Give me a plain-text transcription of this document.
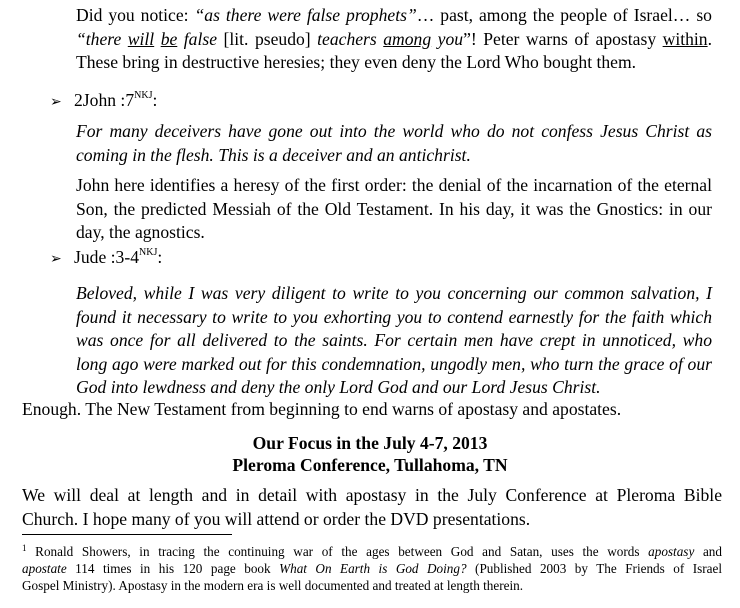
Did you notice: “as there were false prophets”… past, among the people of Israel… so
“there will be false [lit. pseudo] teachers among you”! Peter warns of apostasy within.
These bring in destructive heresies; they even deny the Lord Who bought them.
➢ 2John $:7^{NKJ}$:
For many deceivers have gone out into the world who do not confess Jesus Christ as
coming in the flesh. This is a deceiver and an antichrist.
John here identifies a heresy of the first order: the denial of the incarnation of the eternal
Son, the predicted Messiah of the Old Testament. In his day, it was the Gnostics: in our
day, the agnostics.
➢ Jude $:3-4^{NKJ}$:
Beloved, while I was very diligent to write to you concerning our common salvation, I
found it necessary to write to you exhorting you to contend earnestly for the faith which
was once for all delivered to the saints. For certain men have crept in unnoticed, who
long ago were marked out for this condemnation, ungodly men, who turn the grace of our
God into lewdness and deny the only Lord God and our Lord Jesus Christ.
Enough. The New Testament from beginning to end warns of apostasy and apostates.
Our Focus in the July 4-7, 2013
Pleroma Conference, Tullahoma, TN
We will deal at length and in detail with apostasy in the July Conference at Pleroma Bible
Church. I hope many of you will attend or order the DVD presentations.
$^1$ Ronald Showers, in tracing the continuing war of the ages between God and Satan, uses the words apostasy and
apostate 114 times in his 120 page book What On Earth is God Doing? (Published 2003 by The Friends of Israel
Gospel Ministry). Apostasy in the modern era is well documented and treated at length therein.
